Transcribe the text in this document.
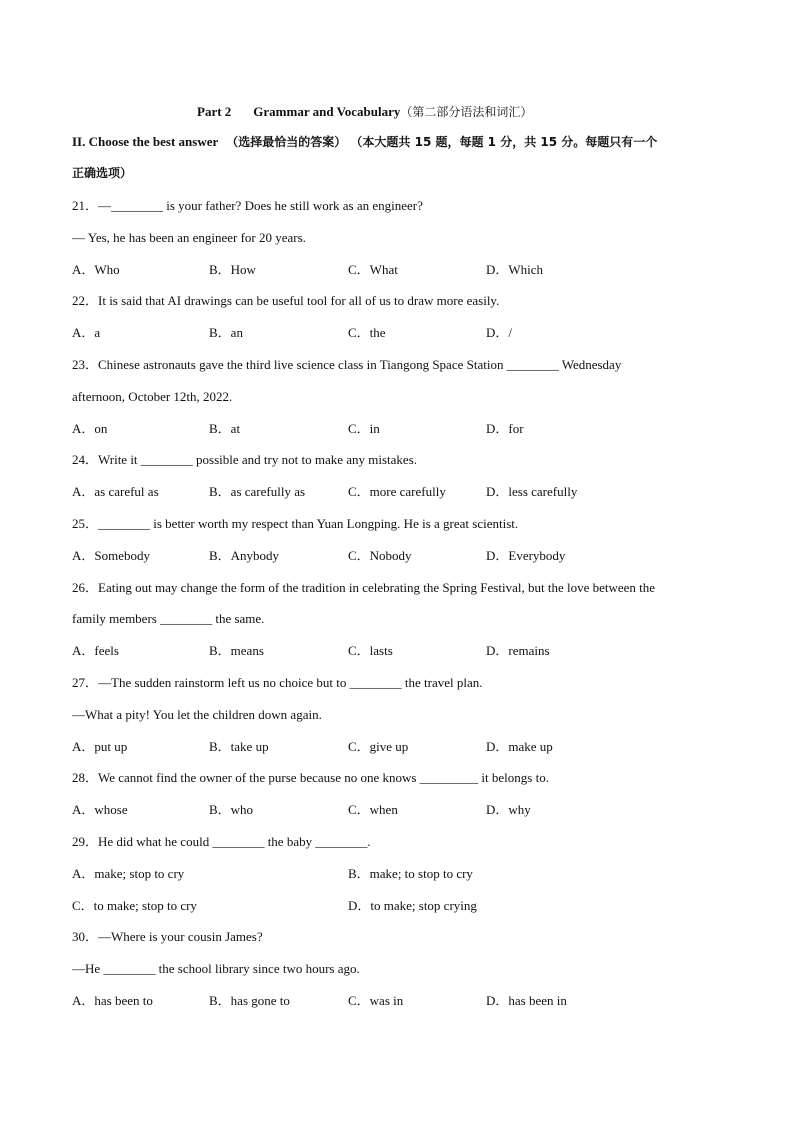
Part 2 Grammar and Vocabulary（第二部分语法和词汇）
II. Choose the best answer （选择最恰当的答案） （本大题共 15 题，每题 1 分，共 15 分。每题只有一个
正确选项）
21．—________ is your father? Does he still work as an engineer?
— Yes, he has been an engineer for 20 years.
A．Who	B．How	C．What	D．Which
22．It is said that AI drawings can be useful tool for all of us to draw more easily.
A．a	B．an	C．the	D．/
23．Chinese astronauts gave the third live science class in Tiangong Space Station ________ Wednesday
afternoon, October 12th, 2022.
A．on	B．at	C．in	D．for
24．Write it ________ possible and try not to make any mistakes.
A．as careful as	B．as carefully as	C．more carefully	D．less carefully
25．________ is better worth my respect than Yuan Longping. He is a great scientist.
A．Somebody	B．Anybody	C．Nobody	D．Everybody
26．Eating out may change the form of the tradition in celebrating the Spring Festival, but the love between the
family members ________ the same.
A．feels	B．means	C．lasts	D．remains
27．—The sudden rainstorm left us no choice but to ________ the travel plan.
—What a pity! You let the children down again.
A．put up	B．take up	C．give up	D．make up
28．We cannot find the owner of the purse because no one knows _________ it belongs to.
A．whose	B．who	C．when	D．why
29．He did what he could ________ the baby ________.
A．make; stop to cry	B．make; to stop to cry
C．to make; stop to cry	D．to make; stop crying
30．—Where is your cousin James?
—He ________ the school library since two hours ago.
A．has been to	B．has gone to	C．was in	D．has been in
